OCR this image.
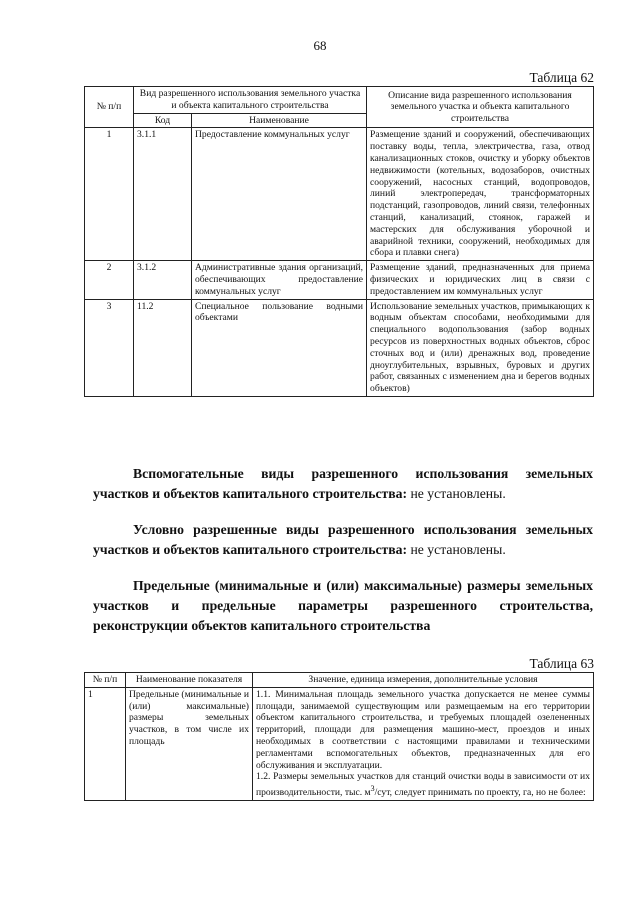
68
Таблица 62
№ п/п	Вид разрешенного использования земельного участка и объекта капитального строительства		Описание вида разрешенного использования земельного участка и объекта капитального строительства
	Код	Наименование	
1	3.1.1	Предоставление коммунальных услуг	Размещение зданий и сооружений, обеспечивающих поставку воды, тепла, электричества, газа, отвод канализационных стоков, очистку и уборку объектов недвижимости (котельных, водозаборов, очистных сооружений, насосных станций, водопроводов, линий электропередач, трансформаторных подстанций, газопроводов, линий связи, телефонных станций, канализаций, стоянок, гаражей и мастерских для обслуживания уборочной и аварийной техники, сооружений, необходимых для сбора и плавки снега)
2	3.1.2	Административные здания организаций, обеспечивающих предоставление коммунальных услуг	Размещение зданий, предназначенных для приема физических и юридических лиц в связи с предоставлением им коммунальных услуг
3	11.2	Специальное пользование водными объектами	Использование земельных участков, примыкающих к водным объектам способами, необходимыми для специального водопользования (забор водных ресурсов из поверхностных водных объектов, сброс сточных вод и (или) дренажных вод, проведение дноуглубительных, взрывных, буровых и других работ, связанных с изменением дна и берегов водных объектов)
Вспомогательные виды разрешенного использования земельных участков и объектов капитального строительства: не установлены.
Условно разрешенные виды разрешенного использования земельных участков и объектов капитального строительства: не установлены.
Предельные (минимальные и (или) максимальные) размеры земельных участков и предельные параметры разрешенного строительства, реконструкции объектов капитального строительства
Таблица 63
№ п/п	Наименование показателя	Значение, единица измерения, дополнительные условия
1	Предельные (минимальные и (или) максимальные) размеры земельных участков, в том числе их площадь	1.1. Минимальная площадь земельного участка допускается не менее суммы площади, занимаемой существующим или размещаемым на его территории объектом капитального строительства, и требуемых площадей озелененных территорий, площади для размещения машино-мест, проездов и иных необходимых в соответствии с настоящими правилами и техническими регламентами вспомогательных объектов, предназначенных для его обслуживания и эксплуатации.
1.2. Размеры земельных участков для станций очистки воды в зависимости от их производительности, тыс. $м^3$/сут, следует принимать по проекту, га, но не более:
